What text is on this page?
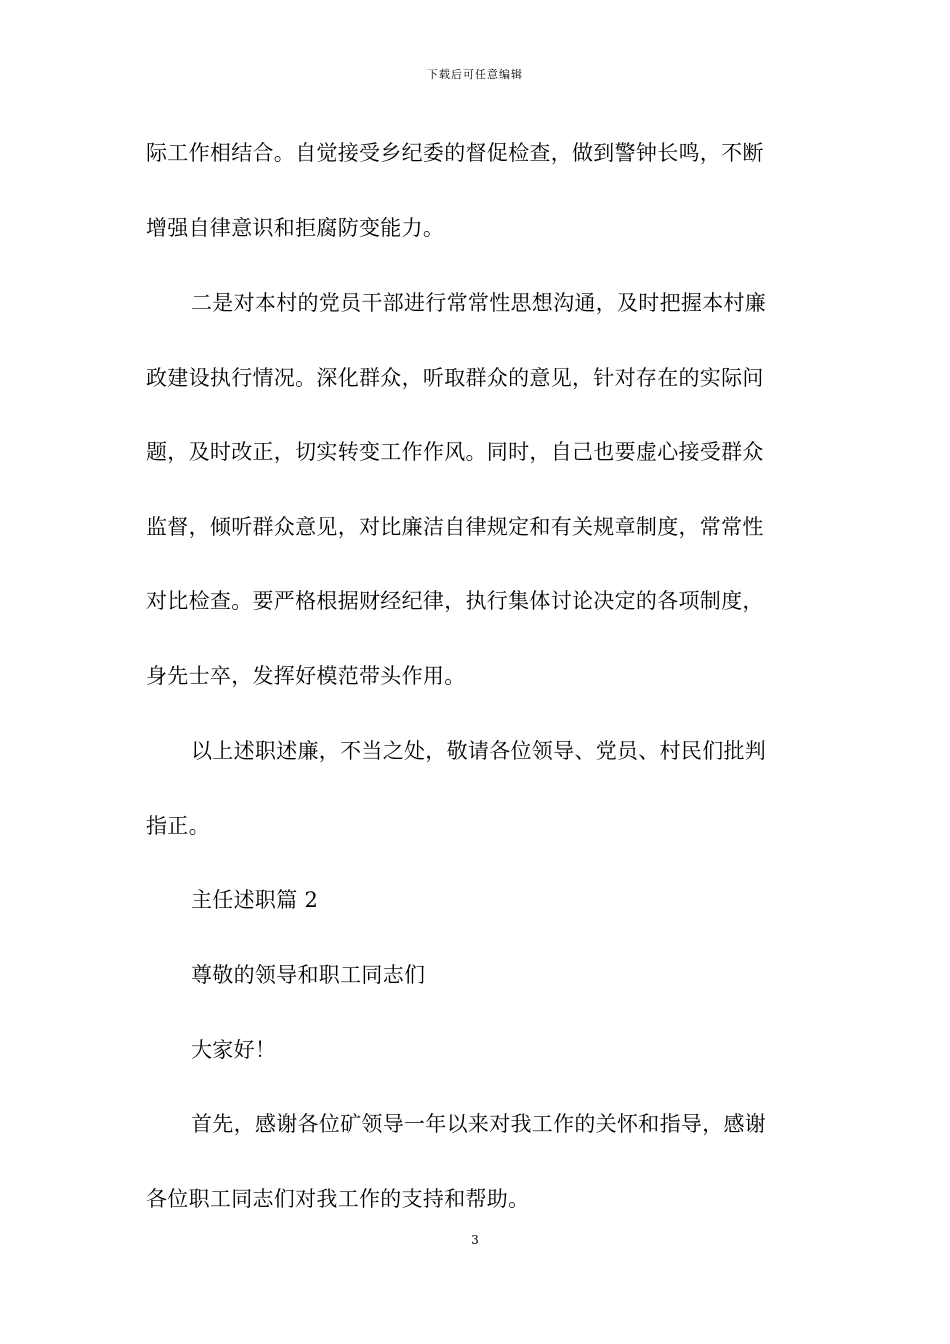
下载后可任意编辑
际工作相结合。自觉接受乡纪委的督促检查，做到警钟长鸣，不断
增强自律意识和拒腐防变能力。
二是对本村的党员干部进行常常性思想沟通，及时把握本村廉
政建设执行情况。深化群众，听取群众的意见，针对存在的实际问
题，及时改正，切实转变工作作风。同时，自己也要虚心接受群众
监督，倾听群众意见，对比廉洁自律规定和有关规章制度，常常性
对比检查。要严格根据财经纪律，执行集体讨论决定的各项制度，
身先士卒，发挥好模范带头作用。
以上述职述廉，不当之处，敬请各位领导、党员、村民们批判
指正。
主任述职篇 2
尊敬的领导和职工同志们
大家好！
首先，感谢各位矿领导一年以来对我工作的关怀和指导，感谢
各位职工同志们对我工作的支持和帮助。
3
